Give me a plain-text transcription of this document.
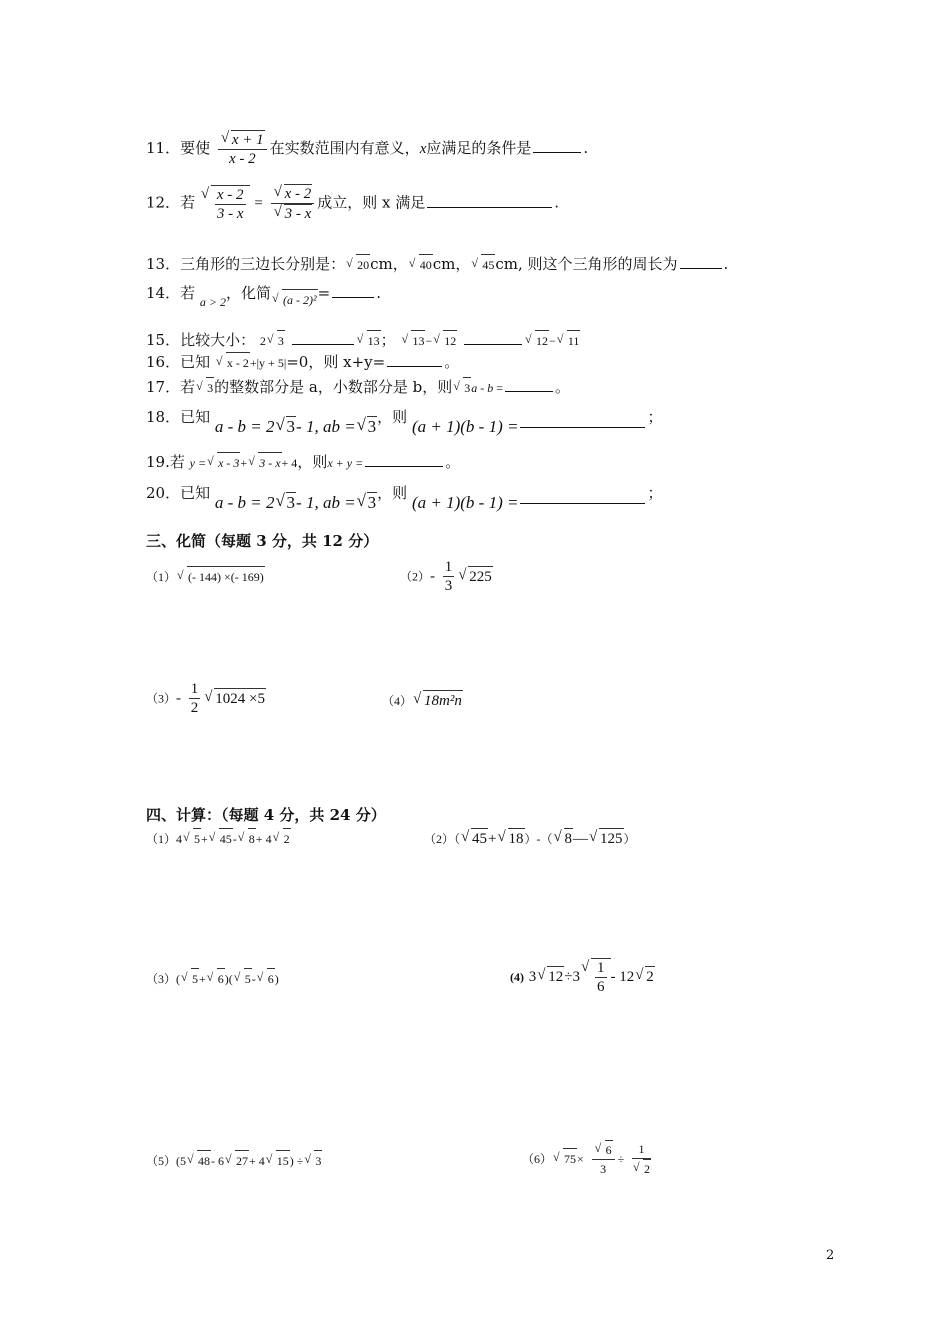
11．要使
√ $\frac{x + 1}{x - 2}$ 在实数范围内有意义，x应满足的条件是	.
12．若
√ $\frac{x - 2}{3 - x}$ =
√ x - 2
√ 3 - x 成立，则 x 满足	.
13．三角形的三边长分别是：√ 20cm，√ 40cm，√ 45cm, 则这个三角形的周长为	.
14．若 $_{a > 2}$，化简√ (a - 2)²=	.
15．比较大小： 2√ 3 √	13； √ 13−√ 12 √	12−√ 11
16．已知 √ x - 2+|y + 5|=0，则 x+y=	。
17．若√ 3的整数部分是 a，小数部分是 b，则√ 3a - b =	。
18．已知 a - b = 2√ 3- 1, ab =√ 3，则 (a + 1)(b - 1) =	；
19.若 y =√ x - 3+√ 3 - x+ 4，则x + y =	。
20．已知 a - b = 2√ 3- 1, ab =√ 3，则 (a + 1)(b - 1) =	；
三、化简（每题 3 分，共 12 分）
（1）√ (- 144) ×(- 169)	$(2)- \frac{1}{3}$
√ 225
$(3)- \frac{1}{2}$
√ 1024 ×5	（4）√ 18m²n
四、计算：（每题 4 分，共 24 分）
（1）4√ 5+√ 45-√ 8+ 4√ 2	（2）（√ 45+√ 18）-（√ 8—√ 125）
（3）(√ 5+√ 6)(√ 5-√ 6)	(4) 3√ 12÷3
√ $\frac{1}{6} - 12√$ 2
（5）(5√ 48- 6√ 27+ 4√ 15) ÷√ 3	（6）√ 75×
√ $\frac{6}{3} \div 1$
√ 2
2
